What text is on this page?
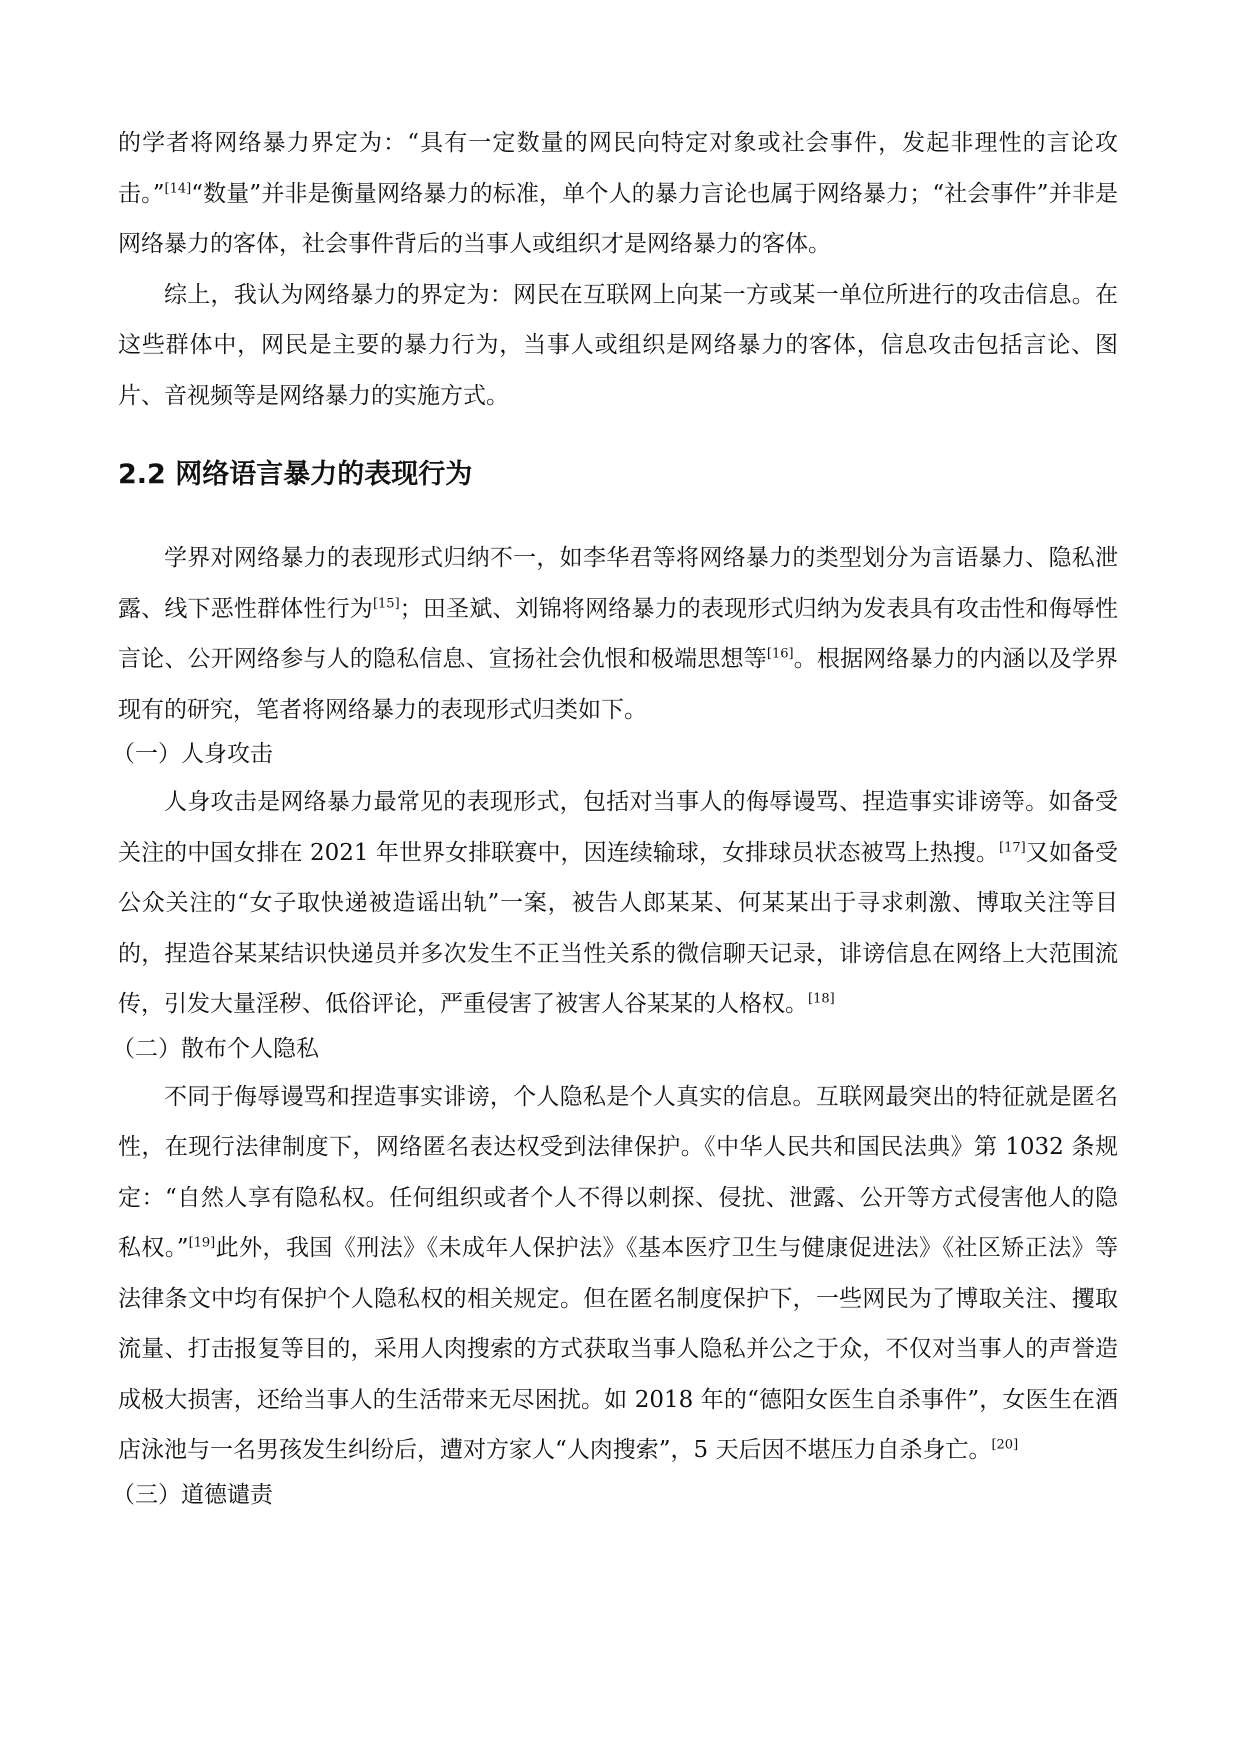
的学者将网络暴力界定为：“具有一定数量的网民向特定对象或社会事件，发起非理性的言论攻击。”[14]“数量”并非是衡量网络暴力的标准，单个人的暴力言论也属于网络暴力；“社会事件”并非是网络暴力的客体，社会事件背后的当事人或组织才是网络暴力的客体。

综上，我认为网络暴力的界定为：网民在互联网上向某一方或某一单位所进行的攻击信息。在这些群体中，网民是主要的暴力行为，当事人或组织是网络暴力的客体，信息攻击包括言论、图片、音视频等是网络暴力的实施方式。

2.2 网络语言暴力的表现行为

学界对网络暴力的表现形式归纳不一，如李华君等将网络暴力的类型划分为言语暴力、隐私泄露、线下恶性群体性行为[15]；田圣斌、刘锦将网络暴力的表现形式归纳为发表具有攻击性和侮辱性言论、公开网络参与人的隐私信息、宣扬社会仇恨和极端思想等[16]。根据网络暴力的内涵以及学界现有的研究，笔者将网络暴力的表现形式归类如下。

（一）人身攻击

人身攻击是网络暴力最常见的表现形式，包括对当事人的侮辱谩骂、捏造事实诽谤等。如备受关注的中国女排在 2021 年世界女排联赛中，因连续输球，女排球员状态被骂上热搜。[17]又如备受公众关注的“女子取快递被造谣出轨”一案，被告人郎某某、何某某出于寻求刺激、博取关注等目的，捏造谷某某结识快递员并多次发生不正当性关系的微信聊天记录，诽谤信息在网络上大范围流传，引发大量淫秽、低俗评论，严重侵害了被害人谷某某的人格权。[18]

（二）散布个人隐私

不同于侮辱谩骂和捏造事实诽谤，个人隐私是个人真实的信息。互联网最突出的特征就是匿名性，在现行法律制度下，网络匿名表达权受到法律保护。《中华人民共和国民法典》第 1032 条规定：“自然人享有隐私权。任何组织或者个人不得以刺探、侵扰、泄露、公开等方式侵害他人的隐私权。”[19]此外，我国《刑法》《未成年人保护法》《基本医疗卫生与健康促进法》《社区矫正法》等法律条文中均有保护个人隐私权的相关规定。但在匿名制度保护下，一些网民为了博取关注、攫取流量、打击报复等目的，采用人肉搜索的方式获取当事人隐私并公之于众，不仅对当事人的声誉造成极大损害，还给当事人的生活带来无尽困扰。如 2018 年的“德阳女医生自杀事件”，女医生在酒店泳池与一名男孩发生纠纷后，遭对方家人“人肉搜索”，5 天后因不堪压力自杀身亡。[20]

（三）道德谴责
